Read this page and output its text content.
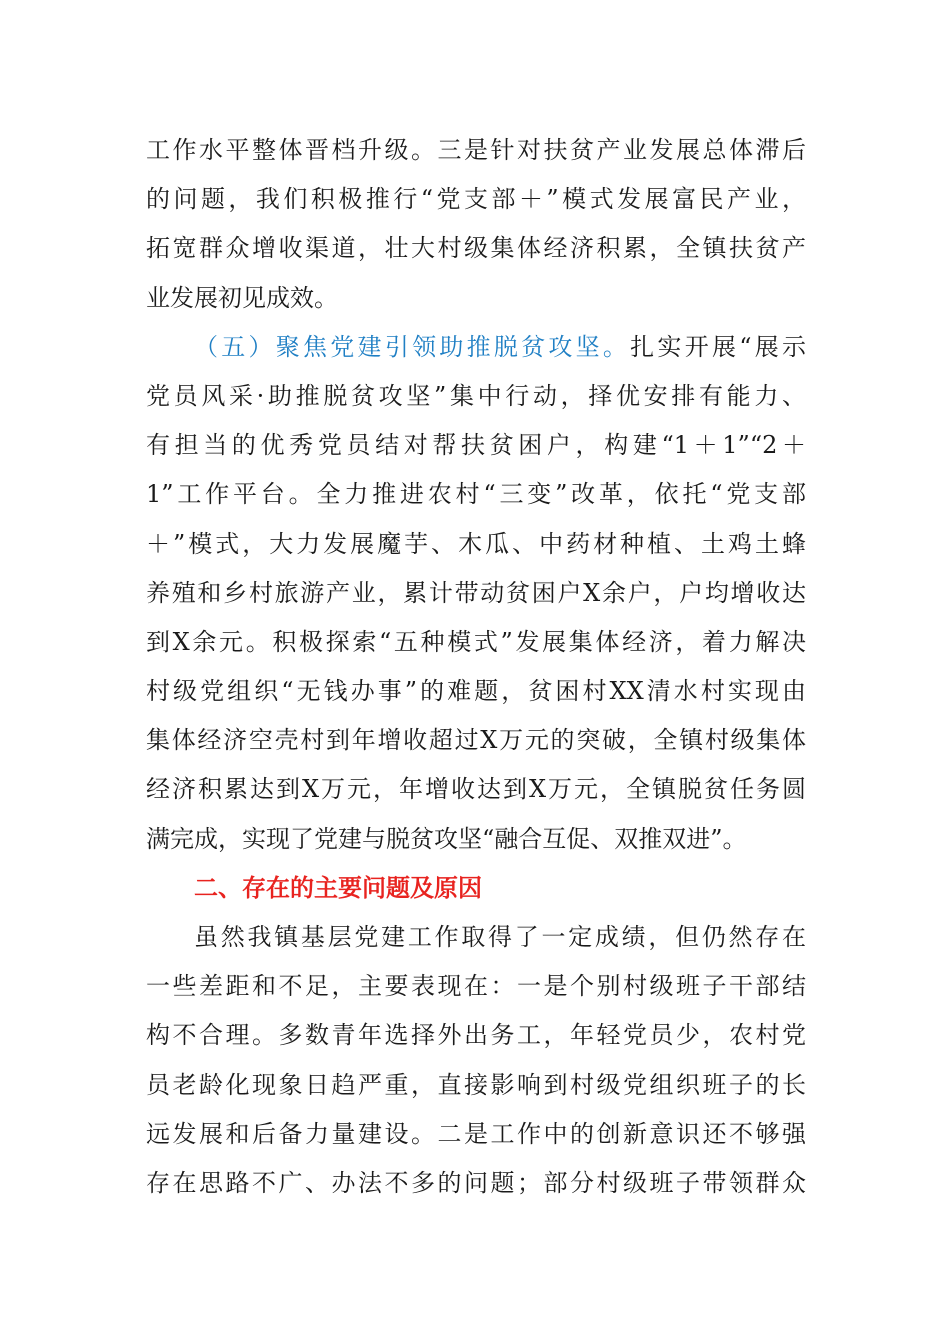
工作水平整体晋档升级。三是针对扶贫产业发展总体滞后
的问题，我们积极推行“党支部＋”模式发展富民产业，
拓宽群众增收渠道，壮大村级集体经济积累，全镇扶贫产
业发展初见成效。
（五）聚焦党建引领助推脱贫攻坚。扎实开展“展示
党员风采·助推脱贫攻坚”集中行动，择优安排有能力、
有担当的优秀党员结对帮扶贫困户，构建“1＋1”“2＋
1”工作平台。全力推进农村“三变”改革，依托“党支部
＋”模式，大力发展魔芋、木瓜、中药材种植、土鸡土蜂
养殖和乡村旅游产业，累计带动贫困户X余户，户均增收达
到X余元。积极探索“五种模式”发展集体经济，着力解决
村级党组织“无钱办事”的难题，贫困村XX清水村实现由
集体经济空壳村到年增收超过X万元的突破，全镇村级集体
经济积累达到X万元，年增收达到X万元，全镇脱贫任务圆
满完成，实现了党建与脱贫攻坚“融合互促、双推双进”。
二、存在的主要问题及原因
虽然我镇基层党建工作取得了一定成绩，但仍然存在
一些差距和不足，主要表现在：一是个别村级班子干部结
构不合理。多数青年选择外出务工，年轻党员少，农村党
员老龄化现象日趋严重，直接影响到村级党组织班子的长
远发展和后备力量建设。二是工作中的创新意识还不够强
存在思路不广、办法不多的问题；部分村级班子带领群众
